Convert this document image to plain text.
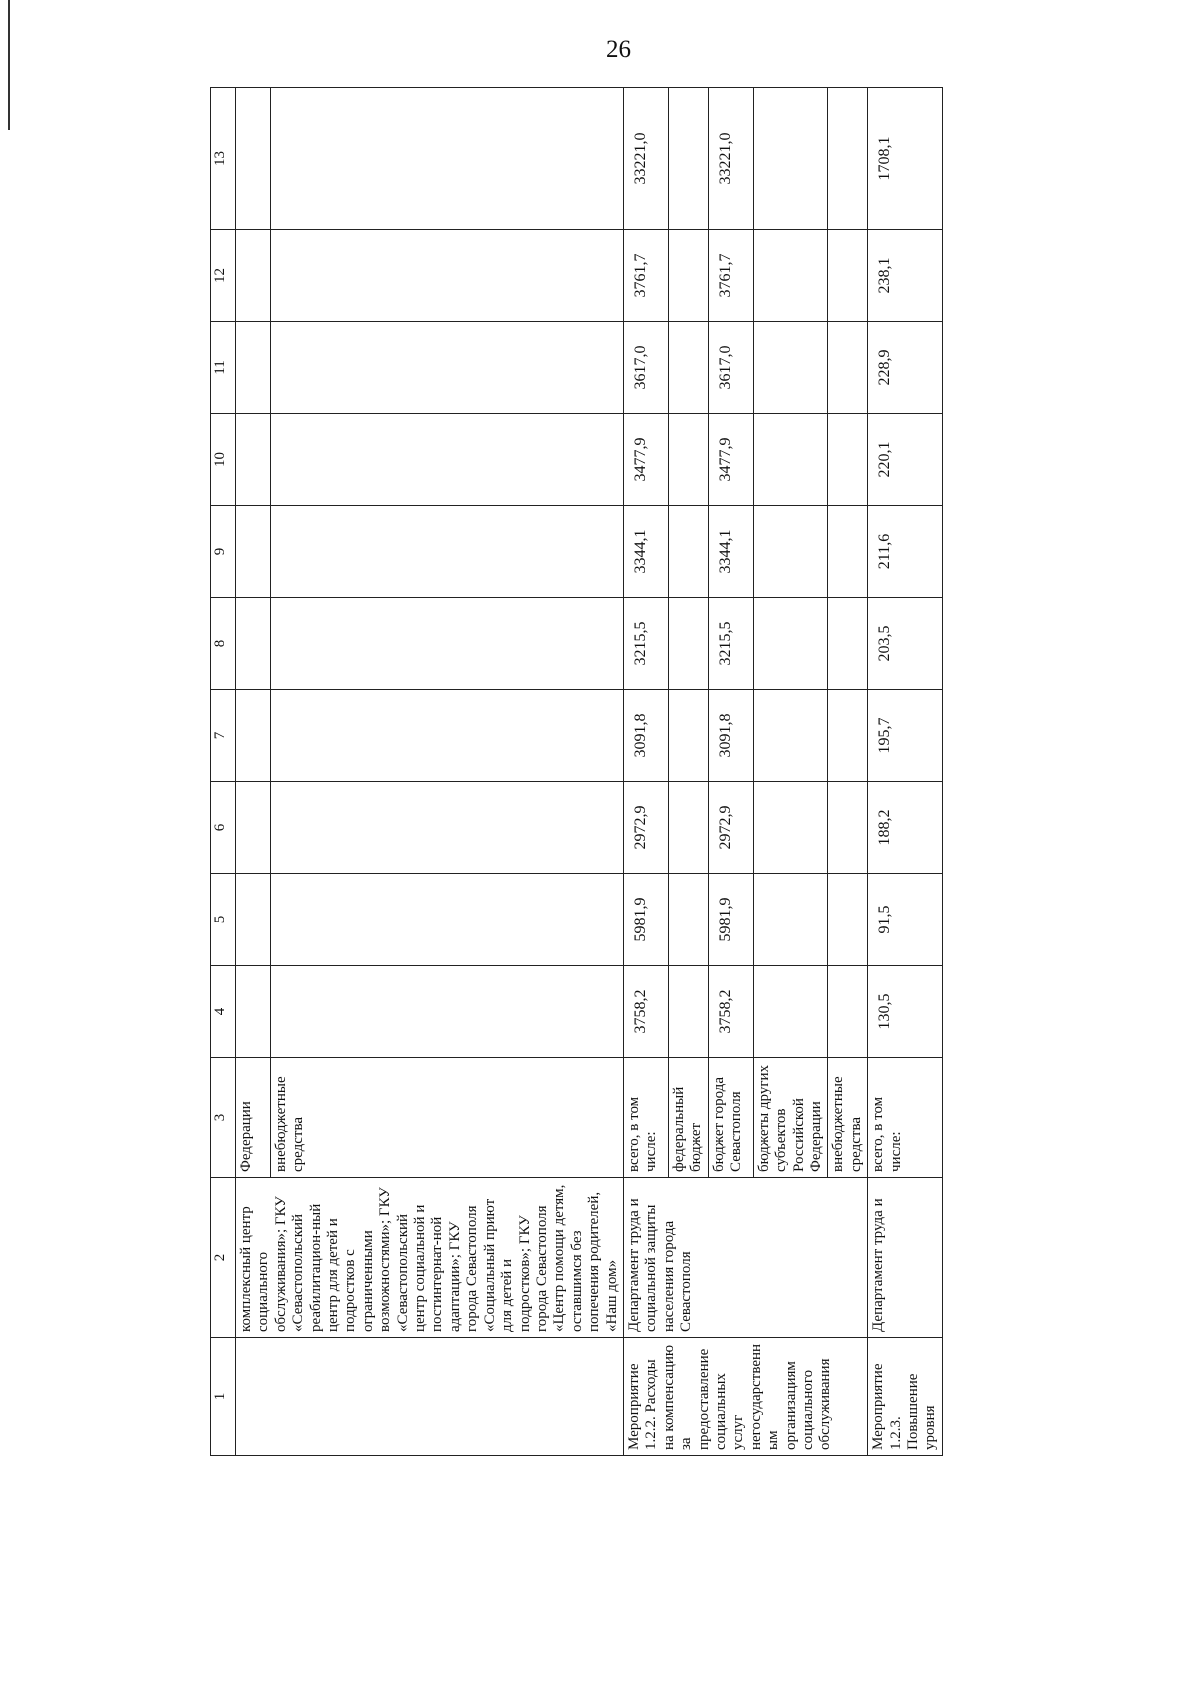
26
1	2	3	4	5	6	7	8	9	10	11	12	13
	комплексный центр социального обслуживания»; ГКУ «Севастопольский реабилитацион-ный центр для детей и подростков с ограниченными возможностями»; ГКУ «Севастопольский центр социальной и постинтернат-ной адаптации»; ГКУ города Севастополя «Социальный приют для детей и подростков»; ГКУ города Севастополя «Центр помощи детям, оставшимся без попечения родителей, «Наш дом»	Федерации										
		внебюджетные средства										
Мероприятие 1.2.2. Расходы на компенсацию за предоставление социальных услуг негосударственным организациям социального обслуживания	Департамент труда и социальной защиты населения города Севастополя	всего, в том числе:	3758,2	5981,9	2972,9	3091,8	3215,5	3344,1	3477,9	3617,0	3761,7	33221,0
		федеральный бюджет										
		бюджет города Севастополя	3758,2	5981,9	2972,9	3091,8	3215,5	3344,1	3477,9	3617,0	3761,7	33221,0
		бюджеты других субъектов Российской Федерации										
		внебюджетные средства										
Мероприятие 1.2.3. Повышение уровня	Департамент труда и	всего, в том числе:	130,5	91,5	188,2	195,7	203,5	211,6	220,1	228,9	238,1	1708,1
